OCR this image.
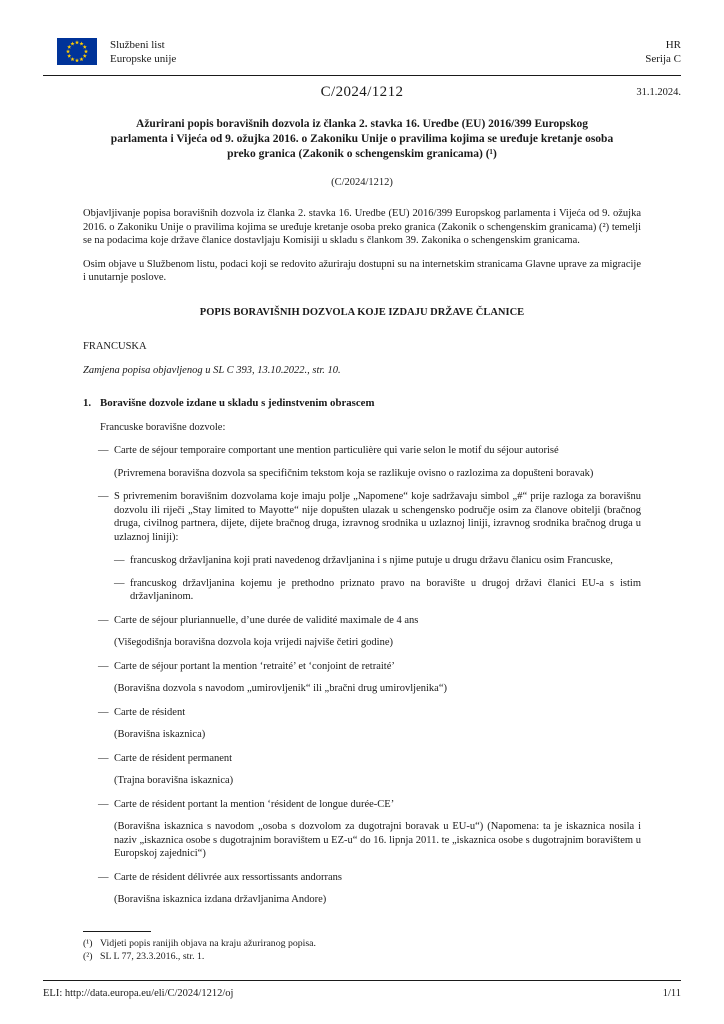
Službeni list
Europske unije
HR
Serija C
C/2024/1212	31.1.2024.
Ažurirani popis boravišnih dozvola iz članka 2. stavka 16. Uredbe (EU) 2016/399 Europskog parlamenta i Vijeća od 9. ožujka 2016. o Zakoniku Unije o pravilima kojima se uređuje kretanje osoba preko granica (Zakonik o schengenskim granicama) (¹)
(C/2024/1212)

Objavljivanje popisa boravišnih dozvola iz članka 2. stavka 16. Uredbe (EU) 2016/399 Europskog parlamenta i Vijeća od 9. ožujka 2016. o Zakoniku Unije o pravilima kojima se uređuje kretanje osoba preko granica (Zakonik o schengenskim granicama) (²) temelji se na podacima koje države članice dostavljaju Komisiji u skladu s člankom 39. Zakonika o schengenskim granicama.

Osim objave u Službenom listu, podaci koji se redovito ažuriraju dostupni su na internetskim stranicama Glavne uprave za migracije i unutarnje poslove.

POPIS BORAVIŠNIH DOZVOLA KOJE IZDAJU DRŽAVE ČLANICE
FRANCUSKA
Zamjena popisa objavljenog u SL C 393, 13.10.2022., str. 10.
1. Boravišne dozvole izdane u skladu s jedinstvenim obrascem
Francuske boravišne dozvole:
— Carte de séjour temporaire comportant une mention particulière qui varie selon le motif du séjour autorisé

(Privremena boravišna dozvola sa specifičnim tekstom koja se razlikuje ovisno o razlozima za dopušteni boravak)

— S privremenim boravišnim dozvolama koje imaju polje „Napomene“ koje sadržavaju simbol „#“ prije razloga za boravišnu dozvolu ili riječi „Stay limited to Mayotte“ nije dopušten ulazak u schengensko područje osim za članove obitelji (bračnog druga, civilnog partnera, dijete, dijete bračnog druga, izravnog srodnika u uzlaznoj liniji, izravnog srodnika bračnog druga u uzlaznoj liniji):

— francuskog državljanina koji prati navedenog državljanina i s njime putuje u drugu državu članicu osim Francuske,

— francuskog državljanina kojemu je prethodno priznato pravo na boravište u drugoj državi članici EU-a s istim državljaninom.

— Carte de séjour pluriannuelle, d’une durée de validité maximale de 4 ans

(Višegodišnja boravišna dozvola koja vrijedi najviše četiri godine)

— Carte de séjour portant la mention ‘retraité’ et ‘conjoint de retraité’

(Boravišna dozvola s navodom „umirovljenik“ ili „bračni drug umirovljenika“)

— Carte de résident

(Boravišna iskaznica)

— Carte de résident permanent

(Trajna boravišna iskaznica)

— Carte de résident portant la mention ‘résident de longue durée-CE’

(Boravišna iskaznica s navodom „osoba s dozvolom za dugotrajni boravak u EU-u“) (Napomena: ta je iskaznica nosila i naziv „iskaznica osobe s dugotrajnim boravištem u EZ-u“ do 16. lipnja 2011. te „iskaznica osobe s dugotrajnim boravištem u Europskoj zajednici“)

— Carte de résident délivrée aux ressortissants andorrans

(Boravišna iskaznica izdana državljanima Andore)

(¹) Vidjeti popis ranijih objava na kraju ažuriranog popisa.
(²) SL L 77, 23.3.2016., str. 1.
ELI: http://data.europa.eu/eli/C/2024/1212/oj	1/11
